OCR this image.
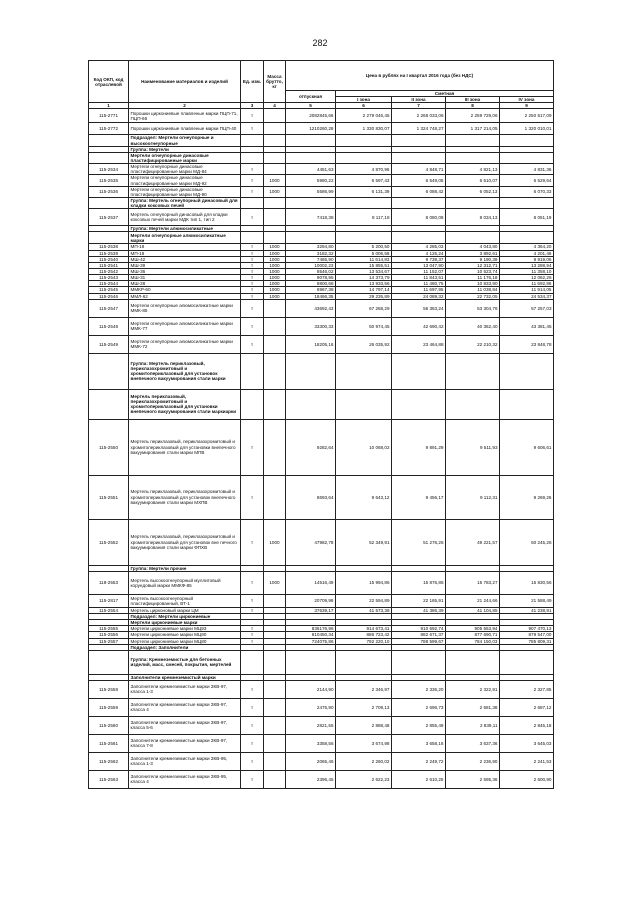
282
Код ОКП, код отраслевой	Наименование материалов и изделий	Ед. изм.	Масса брутто, кг	Цена в рублях на I квартал 2016 года (без НДС)				
				отпускная	Сметная			
					I зона	II зона	III зона	IV зона
1	2	3	4	5	6	7	8	9
115-2771	Порошки циркониевые плавленые марки ПЦП-71, ПЦП-66	т		2082845,66	2 279 046,45	2 268 033,06	2 259 729,06	2 250 517,09
115-2772	Порошки циркониевые плавленые марки ПЦП-40	т		1210260,28	1 330 830,07	1 324 748,27	1 317 214,05	1 320 010,01
	Подраздел: Мертели огнеупорные и высокоогнеупорные							
	Группа: Мертели							
	Мертели огнеупорные динасовые пластифицированные марки							
115-2534	Мертели огнеупорные динасовые пластифицированные марки МД-84	т		4451,63	4 870,96	4 848,71	4 821,13	4 831,36
115-2535	Мертели огнеупорные динасовые пластифицированные марки МД-92	т	1000	5980,22	6 597,43	6 549,05	6 510,07	6 529,64
115-2536	Мертели огнеупорные динасовые пластифицированные марки МД-90	т	1000	5586,99	6 131,39	6 088,42	6 052,13	6 070,33
	Группа: Мертель огнеупорный динасовый для кладки коксовых печей							
115-2537	Мертель огнеупорный динасовый для кладки коксовых печей марки МДК тип 1, тип 2	т		7418,38	8 117,18	8 080,09	8 034,13	8 051,19
	Группа: Мертели алюмосиликатные							
	Мертели огнеупорные алюмосиликатные марки							
115-2538	МП-18	т	1000	3294,80	5 200,50	4 285,03	4 043,80	4 364,20
115-2539	МП-18	т	1000	3182,32	5 006,58	4 125,24	3 892,61	4 201,46
115-2540	МШ-42	т	1000	7465,90	11 614,83	9 739,37	9 190,39	9 919,06
115-2541	МШ-39	т	1000	10002,23	15 855,51	13 047,90	12 312,71	13 288,94
115-2542	МШ-36	т	1000	8546,02	13 534,67	11 152,07	10 523,74	11 358,10
115-2543	МШ-31	т	1000	9078,95	14 373,79	11 843,51	11 176,18	12 062,26
115-2544	МШ-28	т	1000	8800,68	13 933,56	11 480,75	10 833,90	11 692,86
115-2545	ММКР-60	т	1000	6967,38	14 797,14	11 697,95	11 038,84	11 914,05
115-2546	ММЛ-62	т	1000	18466,35	29 235,89	24 089,32	22 732,05	24 534,37
115-2547	Мертели огнеупорные алюмосиликатные марки ММК-85	т		43692,43	67 268,29	56 363,24	53 304,76	57 257,03
115-2548	Мертели огнеупорные алюмосиликатные марки ММК-77	т		33300,33	50 974,45	42 690,42	40 362,40	43 381,45
115-2549	Мертели огнеупорные алюмосиликатные марки ММК-72	т		18205,16	26 035,92	23 464,88	22 210,32	23 848,78
	Группа: Мертель периклазовый, периклазохромитовый и хромитопериклазовый для установок внепечного вакуумирования стали марки							
	Мертель периклазовый, периклазохромитовый и хромитопериклазовый для установки внепечного вакуумирования стали маркиарки							
115-2550	Мертель периклазовый, периклазохромитовый и хромитопериклазовый для установки внепечного вакуумирования стали марки МПВ	т		9282,64	10 068,02	9 891,29	9 511,93	9 606,61
115-2551	Мертель периклазовый, периклазохромитовый и хромитопериклазовый для установок внепечного вакуумирования стали марки МХПВ	т		8693,64	9 643,12	9 456,17	9 112,31	9 269,26
115-2552	Мертель периклазовый, периклазохромитовый и хромитопериклазовый для установок вне печного вакуумирования стали марки ФПХВ	т	1000	47982,78	52 349,91	51 276,26	49 221,57	50 245,26
	Группа: Мертели прочие							
118-2553	Мертель высокоогнеупорный муллитовый корундовый марки ММКФ-85	т	1000	14516,49	15 994,86	15 876,85	15 783,27	15 830,56
115-2817	Мертель высокоогнеупорный пластифицированный, ВТ-1	т		20709,98	22 594,89	22 165,91	21 244,66	21 588,49
115-2554	Мертель цирконовый марки ЦМ	т		37639,17	41 573,38	41 386,39	41 104,85	41 238,91
	Подраздел: Мертели циркониевые							
	Мертели циркониевые марки							
115-2555	Мертели циркониевые марки МЦ93	т		836176,96	914 673,41	910 692,74	905 553,94	907 470,13
115-2556	Мертели циркониевые марки МЦ90	т		810450,34	886 723,42	882 671,37	877 690,71	879 547,00
115-2557	Мертели циркониевые марки МЦ80	т		724075,86	792 220,10	788 599,67	784 150,03	785 809,31
	Подраздел: Заполнители							
	Группа: Кремнеземистые для бетонных изделий, масс, смесей, покрытия, мертелей							
	Заполнители кремнеземистый марки							
115-2558	Заполнители кремнеземистые марки ЗКВ-97, класса 1-3	т		2144,90	2 346,97	2 336,20	2 322,91	2 327,85
115-2559	Заполнители кремнеземистые марки ЗКВ-97, класса 4	т		2475,90	2 709,13	2 696,73	2 681,38	2 687,12
115-2560	Заполнители кремнеземистые марки ЗКВ-97, класса 5-6	т		2821,55	2 888,48	2 855,49	2 839,11	2 845,18
115-2561	Заполнители кремнеземистые марки ЗКВ-97, класса 7-8	т		3358,56	3 674,98	3 658,16	3 637,36	3 645,03
115-2562	Заполнители кремнеземистые марки ЗКВ-95, класса 1-3	т		2065,46	2 260,02	2 249,72	2 236,90	2 241,53
115-2563	Заполнители кремнеземистые марки ЗКВ-95, класса 4	т		2396,45	2 622,23	2 610,25	2 595,36	2 600,90
